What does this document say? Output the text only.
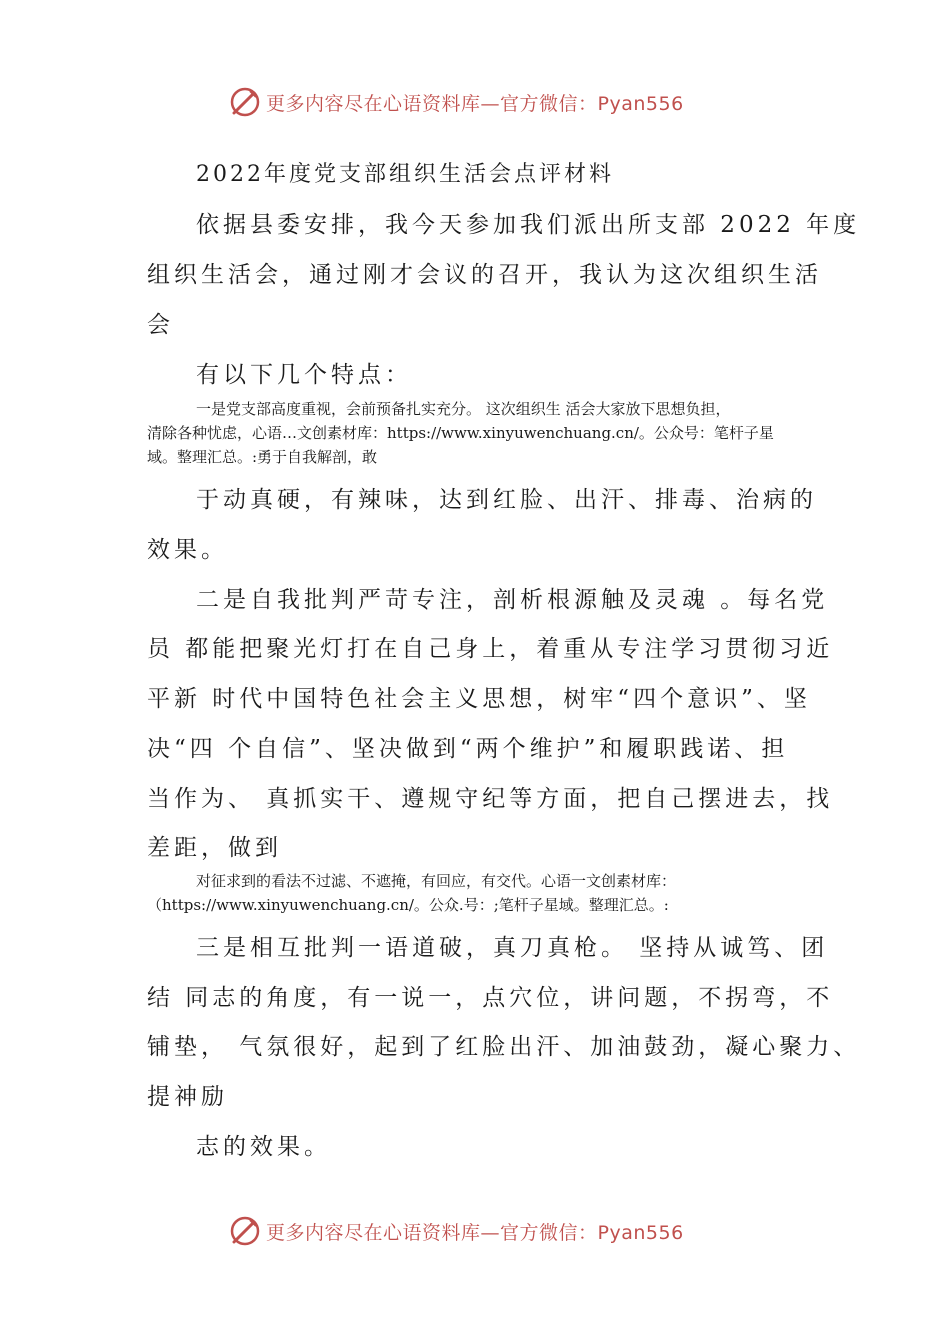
更多内容尽在心语资料库—官方微信：Pyan556
2022年度党支部组织生活会点评材料
依据县委安排，我今天参加我们派出所支部 2022 年度
组织生活会，通过刚才会议的召开，我认为这次组织生活
会
有以下几个特点：
一是党支部高度重视，会前预备扎实充分。 这次组织生 活会大家放下思想负担，
清除各种忧虑，心语…文创素材库：https://www.xinyuwenchuang.cn/。公众号：笔杆子星
域。整理汇总。:勇于自我解剖，敢
于动真硬，有辣味，达到红脸、出汗、排毒、治病的
效果。
二是自我批判严苛专注，剖析根源触及灵魂 。每名党
员 都能把聚光灯打在自己身上，着重从专注学习贯彻习近
平新 时代中国特色社会主义思想，树牢“四个意识”、坚
决“四 个自信”、坚决做到“两个维护”和履职践诺、担
当作为、 真抓实干、遵规守纪等方面，把自己摆进去，找
差距，做到
对征求到的看法不过滤、不遮掩，有回应，有交代。心语一文创素材库：
（https://www.xinyuwenchuang.cn/。公众.号：;笔杆子星域。整理汇总。:
三是相互批判一语道破，真刀真枪。 坚持从诚笃、团
结 同志的角度，有一说一，点穴位，讲问题，不拐弯，不
铺垫， 气氛很好，起到了红脸出汗、加油鼓劲，凝心聚力、
提神励
志的效果。
更多内容尽在心语资料库—官方微信：Pyan556
